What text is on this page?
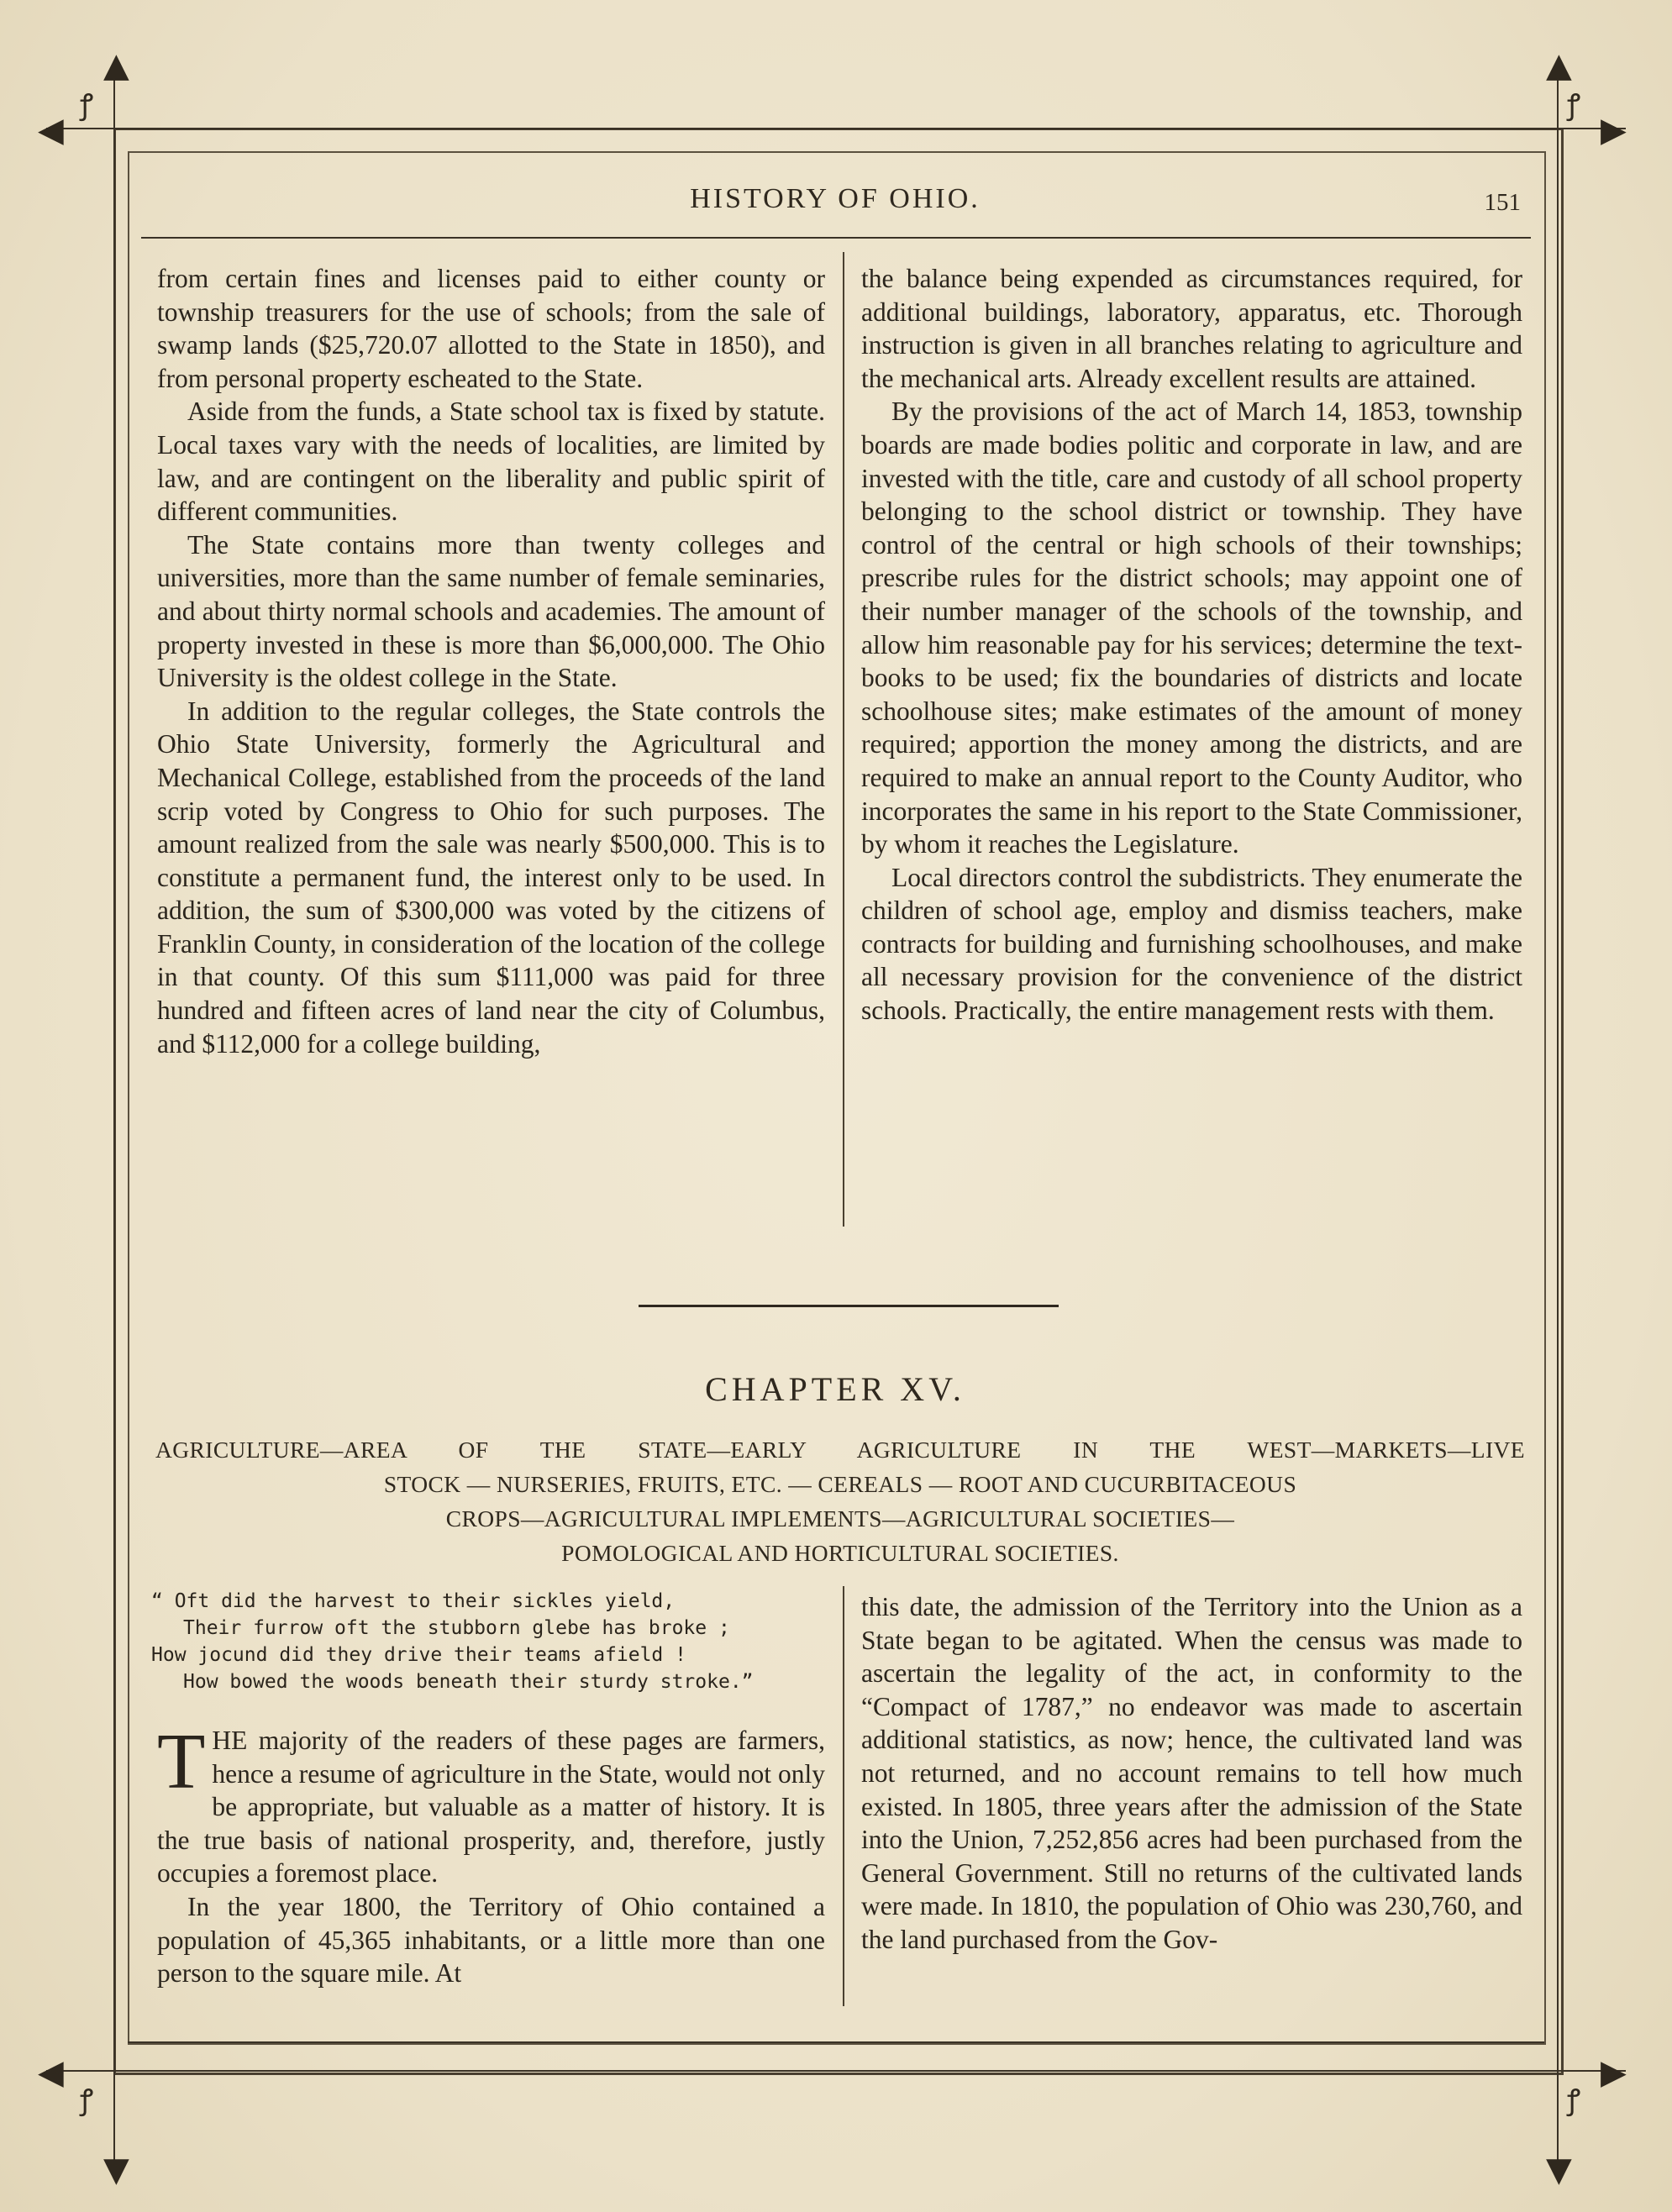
ꝭ	ꝭ
ꝭ	ꝭ
▲	▲
▼	▼
◀	▶
◀	▶
HISTORY OF OHIO.	151

from certain fines and licenses paid to either county or township treasurers for the use of schools; from the sale of swamp lands ($25,720.07 allotted to the State in 1850), and from personal property escheated to the State.

Aside from the funds, a State school tax is fixed by statute. Local taxes vary with the needs of localities, are limited by law, and are contingent on the liberality and public spirit of different communities.

The State contains more than twenty colleges and universities, more than the same number of female seminaries, and about thirty normal schools and academies. The amount of property invested in these is more than $6,000,000. The Ohio University is the oldest college in the State.

In addition to the regular colleges, the State controls the Ohio State University, formerly the Agricultural and Mechanical College, established from the proceeds of the land scrip voted by Congress to Ohio for such purposes. The amount realized from the sale was nearly $500,000. This is to constitute a permanent fund, the interest only to be used. In addition, the sum of $300,000 was voted by the citizens of Franklin County, in consideration of the location of the college in that county. Of this sum $111,000 was paid for three hundred and fifteen acres of land near the city of Columbus, and $112,000 for a college building,

the balance being expended as circumstances required, for additional buildings, laboratory, apparatus, etc. Thorough instruction is given in all branches relating to agriculture and the mechanical arts. Already excellent results are attained.

By the provisions of the act of March 14, 1853, township boards are made bodies politic and corporate in law, and are invested with the title, care and custody of all school property belonging to the school district or township. They have control of the central or high schools of their townships; prescribe rules for the district schools; may appoint one of their number manager of the schools of the township, and allow him reasonable pay for his services; determine the text-books to be used; fix the boundaries of districts and locate schoolhouse sites; make estimates of the amount of money required; apportion the money among the districts, and are required to make an annual report to the County Auditor, who incorporates the same in his report to the State Commissioner, by whom it reaches the Legislature.

Local directors control the subdistricts. They enumerate the children of school age, employ and dismiss teachers, make contracts for building and furnishing schoolhouses, and make all necessary provision for the convenience of the district schools. Practically, the entire management rests with them.

CHAPTER XV.
AGRICULTURE—AREA OF THE STATE—EARLY AGRICULTURE IN THE WEST—MARKETS—LIVE
STOCK — NURSERIES, FRUITS, ETC. — CEREALS — ROOT AND CUCURBITACEOUS
CROPS—AGRICULTURAL IMPLEMENTS—AGRICULTURAL SOCIETIES—
POMOLOGICAL AND HORTICULTURAL SOCIETIES.
“ Oft did the harvest to their sickles yield,
Their furrow oft the stubborn glebe has broke ;
How jocund did they drive their teams afield !
How bowed the woods beneath their sturdy stroke.”

THE majority of the readers of these pages are farmers, hence a resume of agriculture in the State, would not only be appropriate, but valuable as a matter of history. It is the true basis of national prosperity, and, therefore, justly occupies a foremost place.

In the year 1800, the Territory of Ohio contained a population of 45,365 inhabitants, or a little more than one person to the square mile. At

this date, the admission of the Territory into the Union as a State began to be agitated. When the census was made to ascertain the legality of the act, in conformity to the “Compact of 1787,” no endeavor was made to ascertain additional statistics, as now; hence, the cultivated land was not returned, and no account remains to tell how much existed. In 1805, three years after the admission of the State into the Union, 7,252,856 acres had been purchased from the General Government. Still no returns of the cultivated lands were made. In 1810, the population of Ohio was 230,760, and the land purchased from the Gov-
